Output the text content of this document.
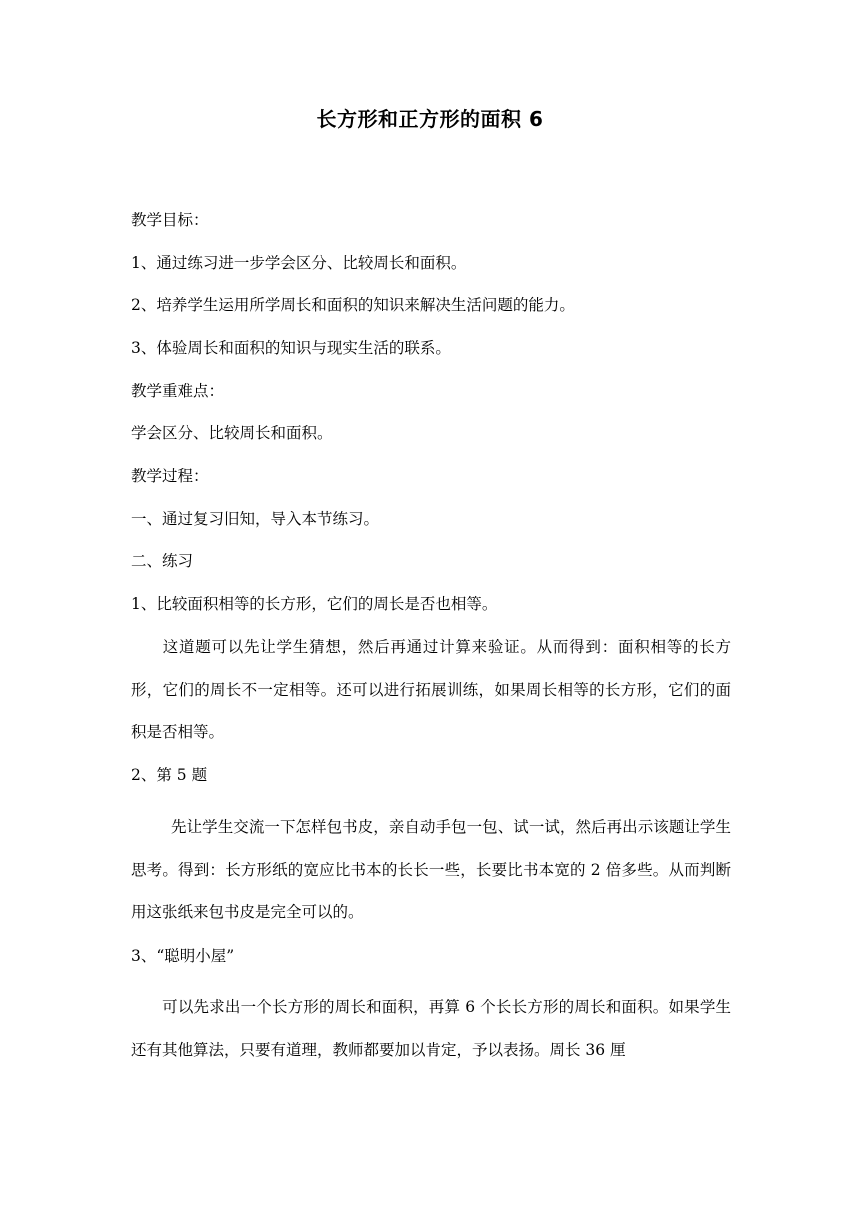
长方形和正方形的面积 6
教学目标：
1、通过练习进一步学会区分、比较周长和面积。
2、培养学生运用所学周长和面积的知识来解决生活问题的能力。
3、体验周长和面积的知识与现实生活的联系。
教学重难点：
学会区分、比较周长和面积。
教学过程：
一、通过复习旧知，导入本节练习。
二、练习
1、比较面积相等的长方形，它们的周长是否也相等。
这道题可以先让学生猜想，然后再通过计算来验证。从而得到：面积相等的长方形，它们的周长不一定相等。还可以进行拓展训练，如果周长相等的长方形，它们的面积是否相等。
2、第 5 题
先让学生交流一下怎样包书皮，亲自动手包一包、试一试，然后再出示该题让学生思考。得到：长方形纸的宽应比书本的长长一些，长要比书本宽的 2 倍多些。从而判断用这张纸来包书皮是完全可以的。
3、“聪明小屋”
可以先求出一个长方形的周长和面积，再算 6 个长长方形的周长和面积。如果学生还有其他算法，只要有道理，教师都要加以肯定，予以表扬。周长 36 厘
